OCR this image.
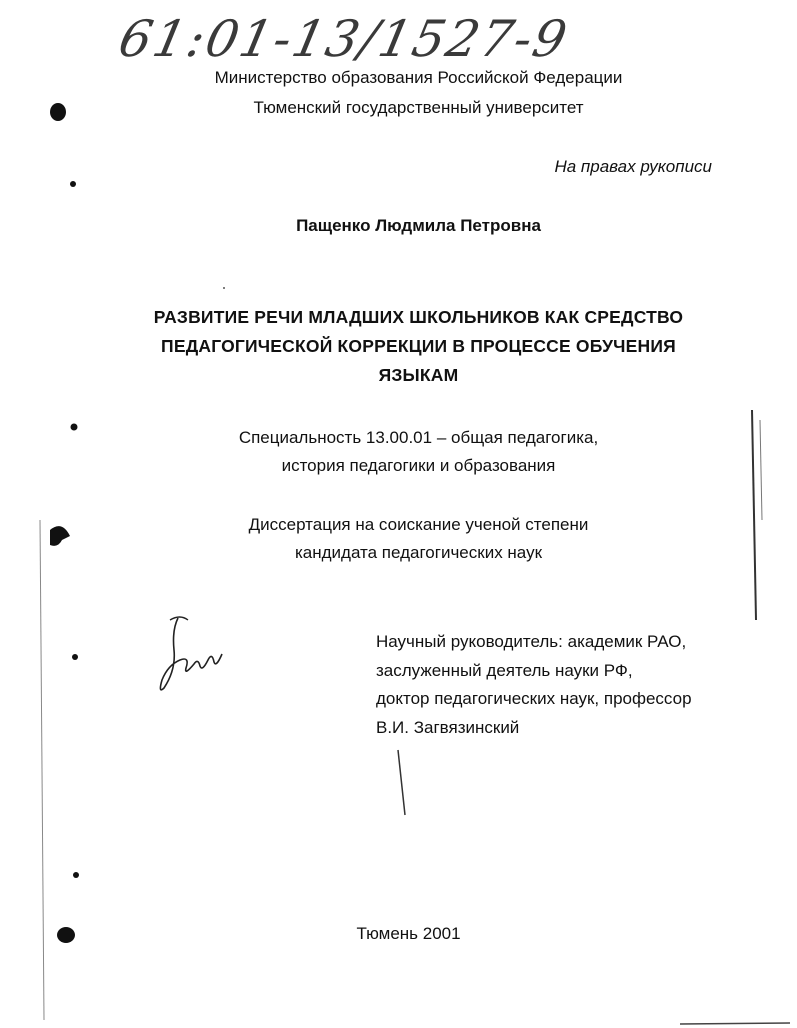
61:01-13/1527-9
Министерство образования Российской Федерации
Тюменский государственный университет
На правах рукописи
Пащенко Людмила Петровна
РАЗВИТИЕ РЕЧИ МЛАДШИХ ШКОЛЬНИКОВ КАК СРЕДСТВО
ПЕДАГОГИЧЕСКОЙ КОРРЕКЦИИ В ПРОЦЕССЕ ОБУЧЕНИЯ
ЯЗЫКАМ
Специальность 13.00.01 – общая педагогика,
история педагогики и образования
Диссертация на соискание ученой степени
кандидата педагогических наук
Научный руководитель: академик РАО,
заслуженный деятель науки РФ,
доктор педагогических наук, профессор
В.И. Загвязинский
Тюмень 2001
